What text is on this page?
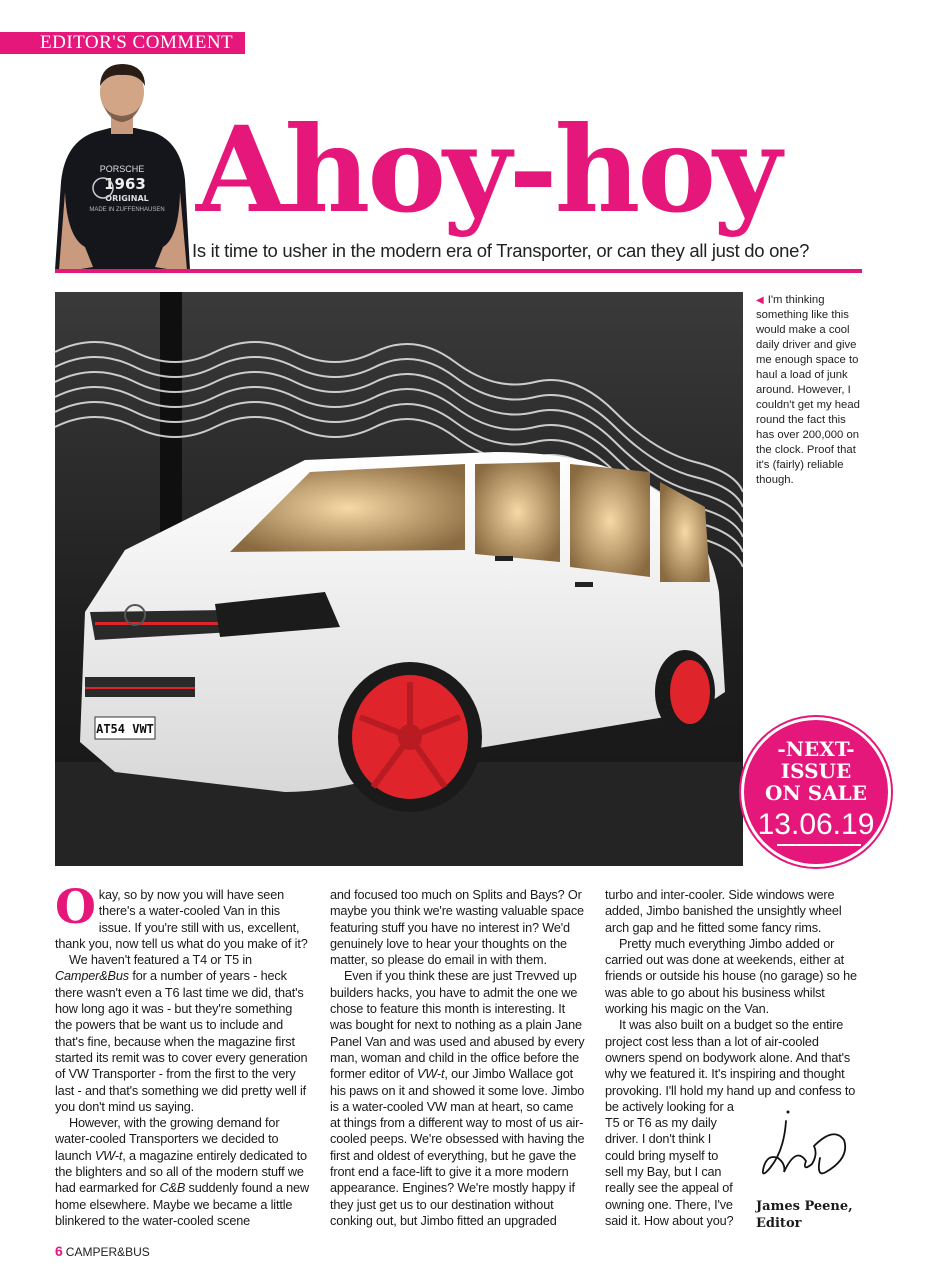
EDITOR'S COMMENT
PORSCHE
1963
ORIGINAL
MADE IN ZUFFENHAUSEN Ahoy-hoy
Is it time to usher in the modern era of Transporter, or can they all just do one?
AT54 VWT
◀ I'm thinking something like this would make a cool daily driver and give me enough space to haul a load of junk around. However, I couldn't get my head round the fact this has over 200,000 on the clock. Proof that it's (fairly) reliable though.
-NEXT-
ISSUE
ON SALE
13.06.19

Okay, so by now you will have seen there's a water-cooled Van in this issue. If you're still with us, excellent, thank you, now tell us what do you make of it?

We haven't featured a T4 or T5 in Camper&Bus for a number of years - heck there wasn't even a T6 last time we did, that's how long ago it was - but they're something the powers that be want us to include and that's fine, because when the magazine first started its remit was to cover every generation of VW Transporter - from the first to the very last - and that's something we did pretty well if you don't mind us saying.

However, with the growing demand for water-cooled Transporters we decided to launch VW-t, a magazine entirely dedicated to the blighters and so all of the modern stuff we had earmarked for C&B suddenly found a new home elsewhere. Maybe we became a little blinkered to the water-cooled scene

and focused too much on Splits and Bays? Or maybe you think we're wasting valuable space featuring stuff you have no interest in? We'd genuinely love to hear your thoughts on the matter, so please do email in with them.

Even if you think these are just Trevved up builders hacks, you have to admit the one we chose to feature this month is interesting. It was bought for next to nothing as a plain Jane Panel Van and was used and abused by every man, woman and child in the office before the former editor of VW-t, our Jimbo Wallace got his paws on it and showed it some love. Jimbo is a water-cooled VW man at heart, so came at things from a different way to most of us air-cooled peeps. We're obsessed with having the first and oldest of everything, but he gave the front end a face-lift to give it a more modern appearance. Engines? We're mostly happy if they just get us to our destination without conking out, but Jimbo fitted an upgraded

turbo and inter-cooler. Side windows were added, Jimbo banished the unsightly wheel arch gap and he fitted some fancy rims.

Pretty much everything Jimbo added or carried out was done at weekends, either at friends or outside his house (no garage) so he was able to go about his business whilst working his magic on the Van.

It was also built on a budget so the entire project cost less than a lot of air-cooled owners spend on bodywork alone. And that's why we featured it. It's inspiring and thought provoking. I'll hold my hand up and confess to

be actively looking for a T5 or T6 as my daily driver. I don't think I could bring myself to sell my Bay, but I can really see the appeal of owning one. There, I've said it. How about you?
James Peene,
Editor
6 CAMPER&BUS
